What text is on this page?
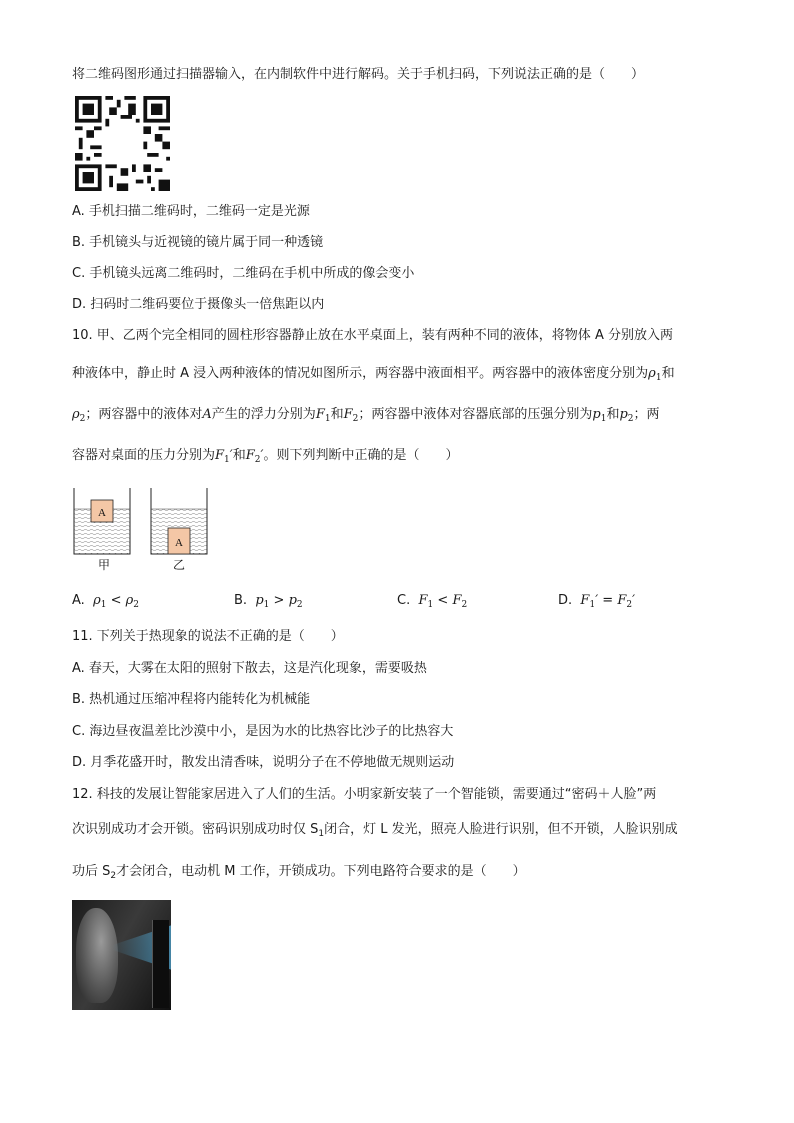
将二维码图形通过扫描器输入，在内制软件中进行解码。关于手机扫码，下列说法正确的是（　　）
A. 手机扫描二维码时，二维码一定是光源
B. 手机镜头与近视镜的镜片属于同一种透镜
C. 手机镜头远离二维码时，二维码在手机中所成的像会变小
D. 扫码时二维码要位于摄像头一倍焦距以内
10. 甲、乙两个完全相同的圆柱形容器静止放在水平桌面上，装有两种不同的液体，将物体 A 分别放入两
种液体中，静止时 A 浸入两种液体的情况如图所示，两容器中液面相平。两容器中的液体密度分别为$\rho_1$和
$\rho_2$；两容器中的液体对A产生的浮力分别为$F_1$和$F_2$；两容器中液体对容器底部的压强分别为$p_1$和$p_2$；两
容器对桌面的压力分别为$F_1'$和$F_2'$。则下列判断中正确的是（　　）
A
甲
A
乙
A. $\rho_1 < \rho_2$	B. $p_1 > p_2$	C. $F_1 < F_2$	D. $F_1' = F_2'$
11. 下列关于热现象的说法不正确的是（　　）
A. 春天，大雾在太阳的照射下散去，这是汽化现象，需要吸热
B. 热机通过压缩冲程将内能转化为机械能
C. 海边昼夜温差比沙漠中小，是因为水的比热容比沙子的比热容大
D. 月季花盛开时，散发出清香味，说明分子在不停地做无规则运动
12. 科技的发展让智能家居进入了人们的生活。小明家新安装了一个智能锁，需要通过“密码＋人脸”两
次识别成功才会开锁。密码识别成功时仅 $S_1$闭合，灯 L 发光，照亮人脸进行识别，但不开锁，人脸识别成
功后 $S_2$才会闭合，电动机 M 工作，开锁成功。下列电路符合要求的是（　　）
